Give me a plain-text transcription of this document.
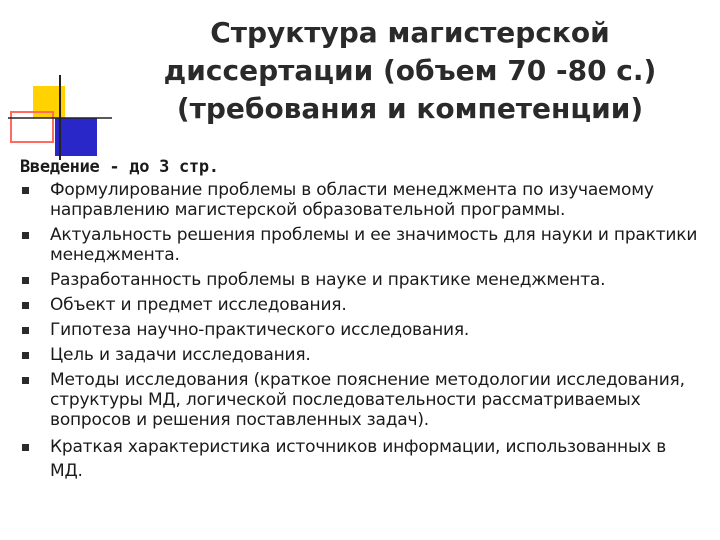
Структура магистерской
диссертации (объем 70 -80 с.)
(требования и компетенции)
Введение - до 3 стр.
Формулирование проблемы в области менеджмента по изучаемому направлению магистерской образовательной программы.
Актуальность решения проблемы и ее значимость для науки и практики менеджмента.
Разработанность проблемы в науке и практике менеджмента.
Объект и предмет исследования.
Гипотеза научно-практического исследования.
Цель и задачи исследования.
Методы исследования (краткое пояснение методологии исследования, структуры МД, логической последовательности рассматриваемых вопросов и решения поставленных задач).
Краткая характеристика источников информации, использованных в МД.
